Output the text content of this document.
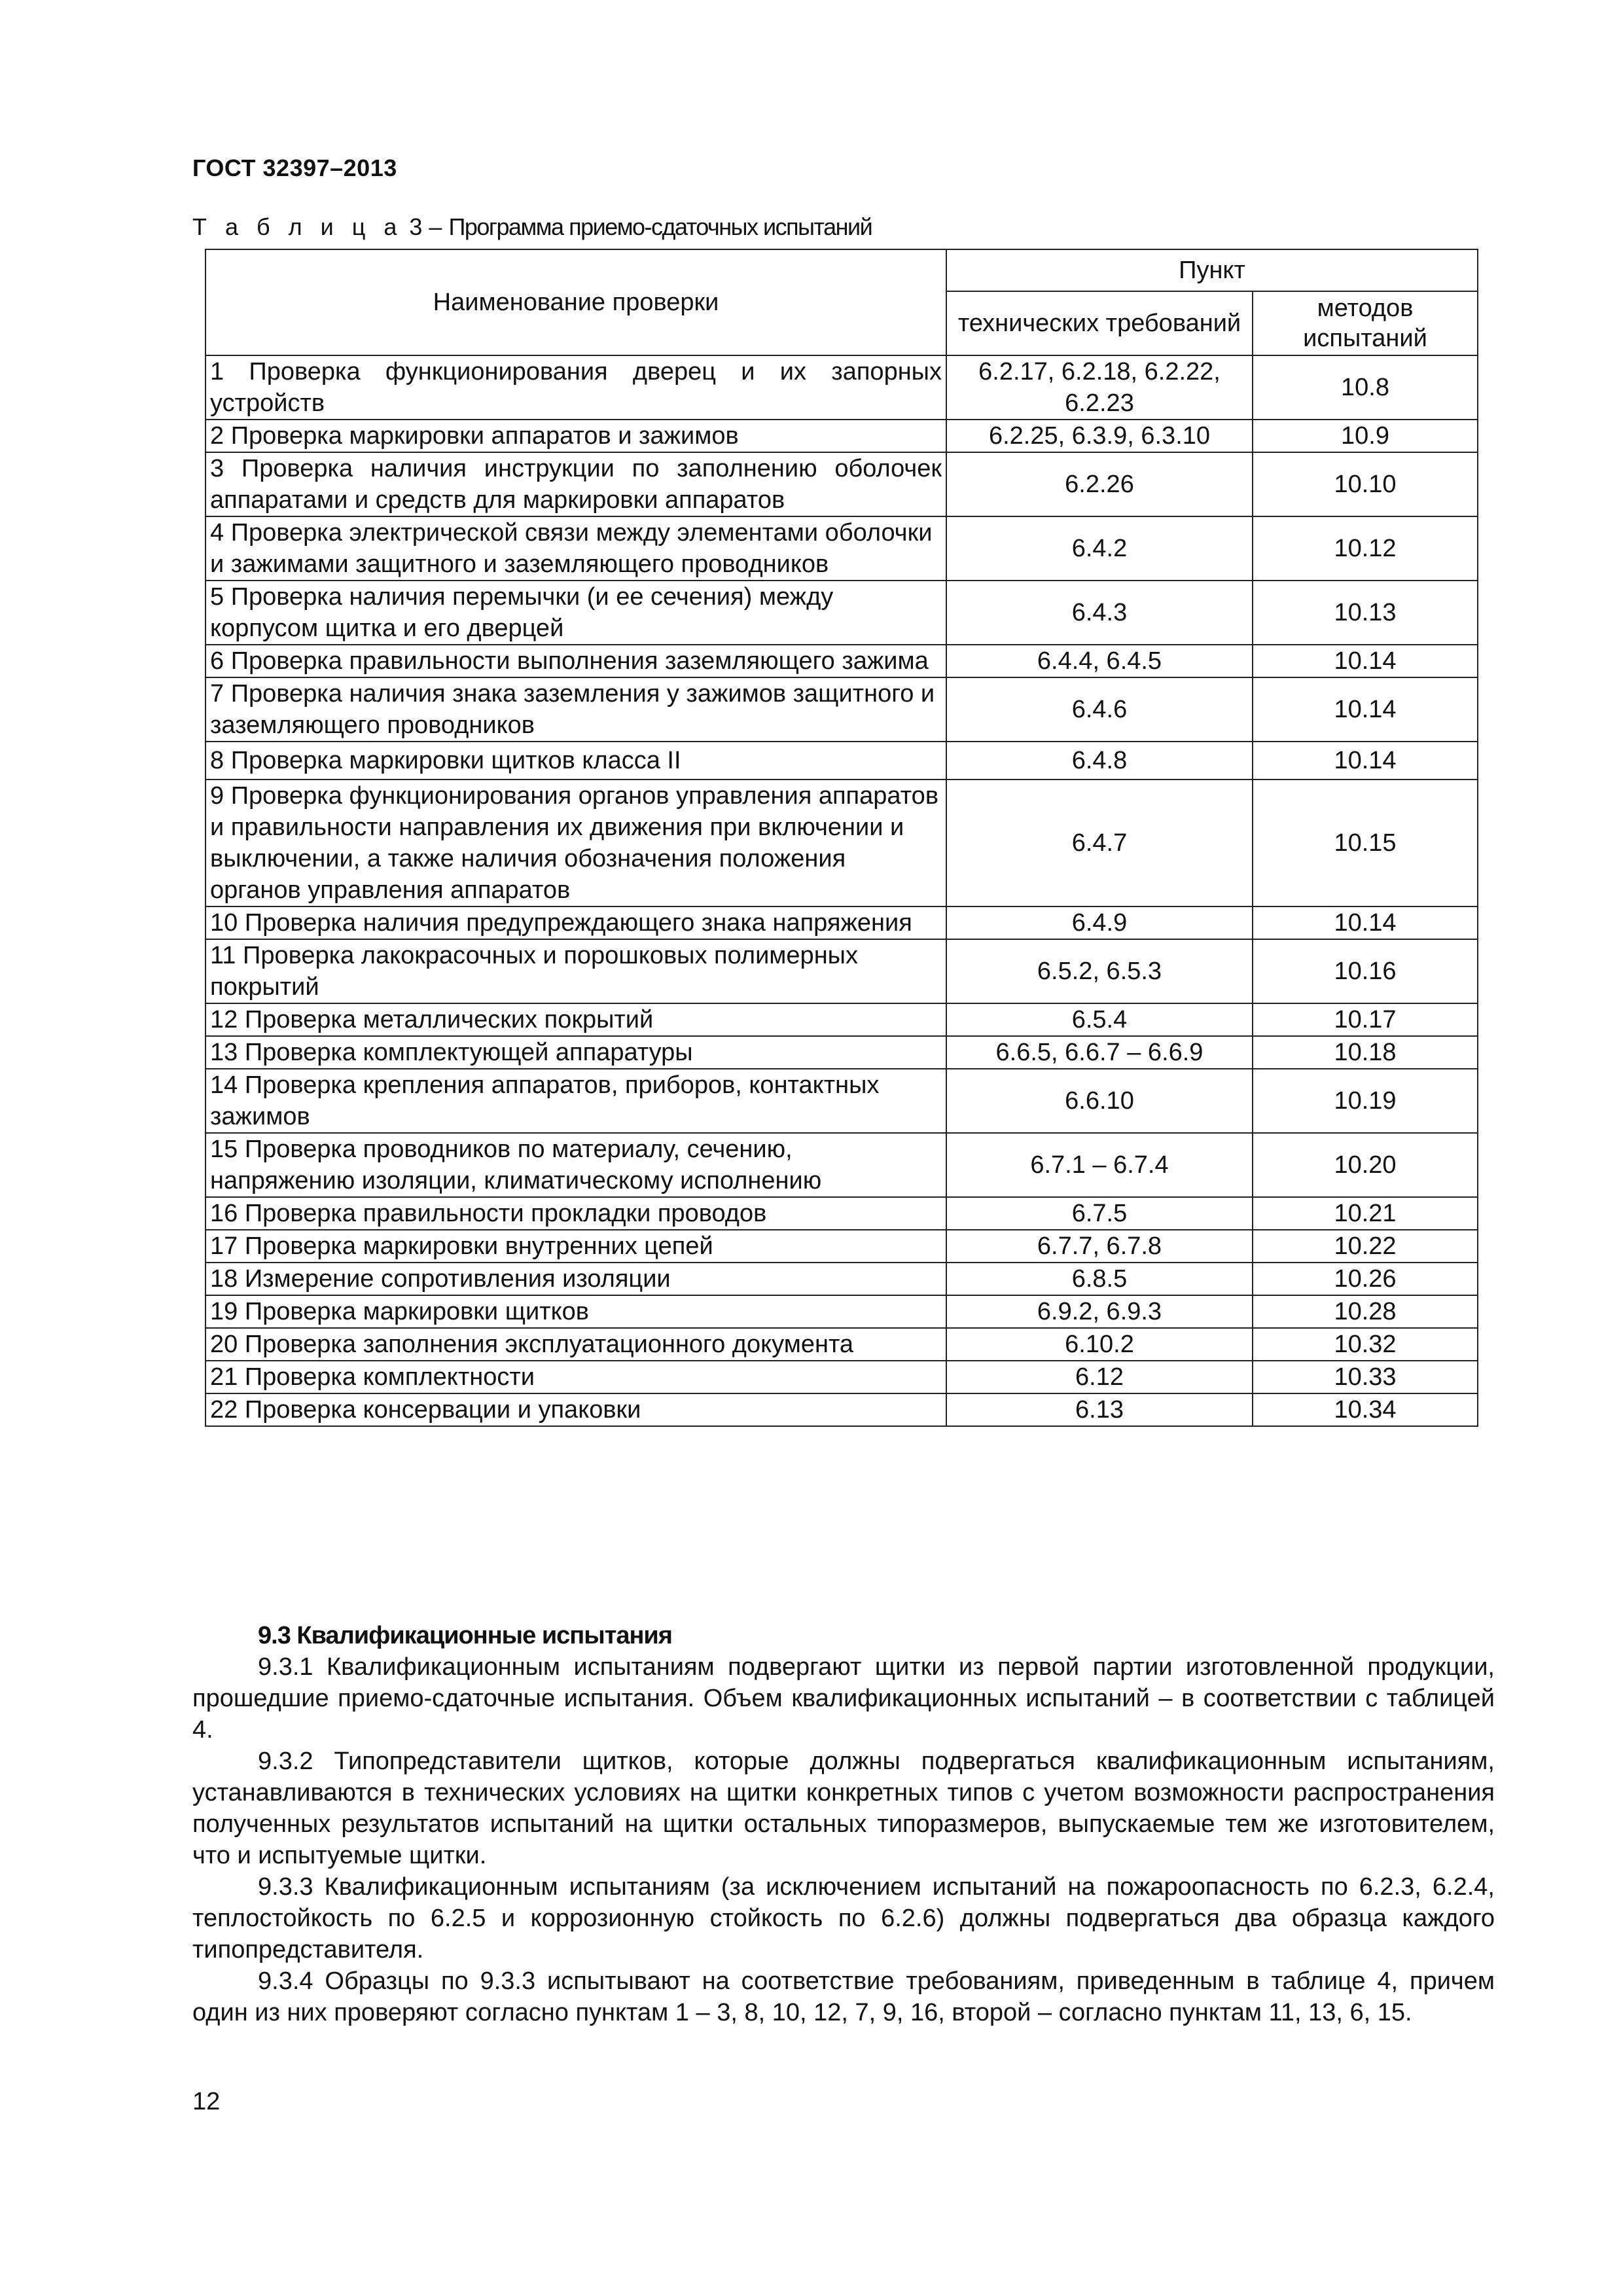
ГОСТ 32397–2013
Т а б л и ц а 3 – Программа приемо-сдаточных испытаний
Наименование проверки	Пункт	
	технических требований	методов испытаний
1 Проверка функционирования дверец и их запорных устройств	6.2.17, 6.2.18, 6.2.22, 6.2.23	10.8
2 Проверка маркировки аппаратов и зажимов	6.2.25, 6.3.9, 6.3.10	10.9
3 Проверка наличия инструкции по заполнению оболочек аппаратами и средств для маркировки аппаратов	6.2.26	10.10
4 Проверка электрической связи между элементами оболочки и зажимами защитного и заземляющего проводников	6.4.2	10.12
5 Проверка наличия перемычки (и ее сечения) между корпусом щитка и его дверцей	6.4.3	10.13
6 Проверка правильности выполнения заземляющего зажима	6.4.4, 6.4.5	10.14
7 Проверка наличия знака заземления у зажимов защитного и заземляющего проводников	6.4.6	10.14
8 Проверка маркировки щитков класса II	6.4.8	10.14
9 Проверка функционирования органов управления аппаратов и правильности направления их движения при включении и выключении, а также наличия обозначения положения органов управления аппаратов	6.4.7	10.15
10 Проверка наличия предупреждающего знака напряжения	6.4.9	10.14
11 Проверка лакокрасочных и порошковых полимерных покрытий	6.5.2, 6.5.3	10.16
12 Проверка металлических покрытий	6.5.4	10.17
13 Проверка комплектующей аппаратуры	6.6.5, 6.6.7 – 6.6.9	10.18
14 Проверка крепления аппаратов, приборов, контактных зажимов	6.6.10	10.19
15 Проверка проводников по материалу, сечению, напряжению изоляции, климатическому исполнению	6.7.1 – 6.7.4	10.20
16 Проверка правильности прокладки проводов	6.7.5	10.21
17 Проверка маркировки внутренних цепей	6.7.7, 6.7.8	10.22
18 Измерение сопротивления изоляции	6.8.5	10.26
19 Проверка маркировки щитков	6.9.2, 6.9.3	10.28
20 Проверка заполнения эксплуатационного документа	6.10.2	10.32
21 Проверка комплектности	6.12	10.33
22 Проверка консервации и упаковки	6.13	10.34
9.3 Квалификационные испытания

9.3.1 Квалификационным испытаниям подвергают щитки из первой партии изготовленной продукции, прошедшие приемо-сдаточные испытания. Объем квалификационных испытаний – в соответствии с таблицей 4.

9.3.2 Типопредставители щитков, которые должны подвергаться квалификационным испытаниям, устанавливаются в технических условиях на щитки конкретных типов с учетом возможности распространения полученных результатов испытаний на щитки остальных типоразмеров, выпускаемые тем же изготовителем, что и испытуемые щитки.

9.3.3 Квалификационным испытаниям (за исключением испытаний на пожароопасность по 6.2.3, 6.2.4, теплостойкость по 6.2.5 и коррозионную стойкость по 6.2.6) должны подвергаться два образца каждого типопредставителя.

9.3.4 Образцы по 9.3.3 испытывают на соответствие требованиям, приведенным в таблице 4, причем один из них проверяют согласно пунктам 1 – 3, 8, 10, 12, 7, 9, 16, второй – согласно пунктам 11, 13, 6, 15.

12
